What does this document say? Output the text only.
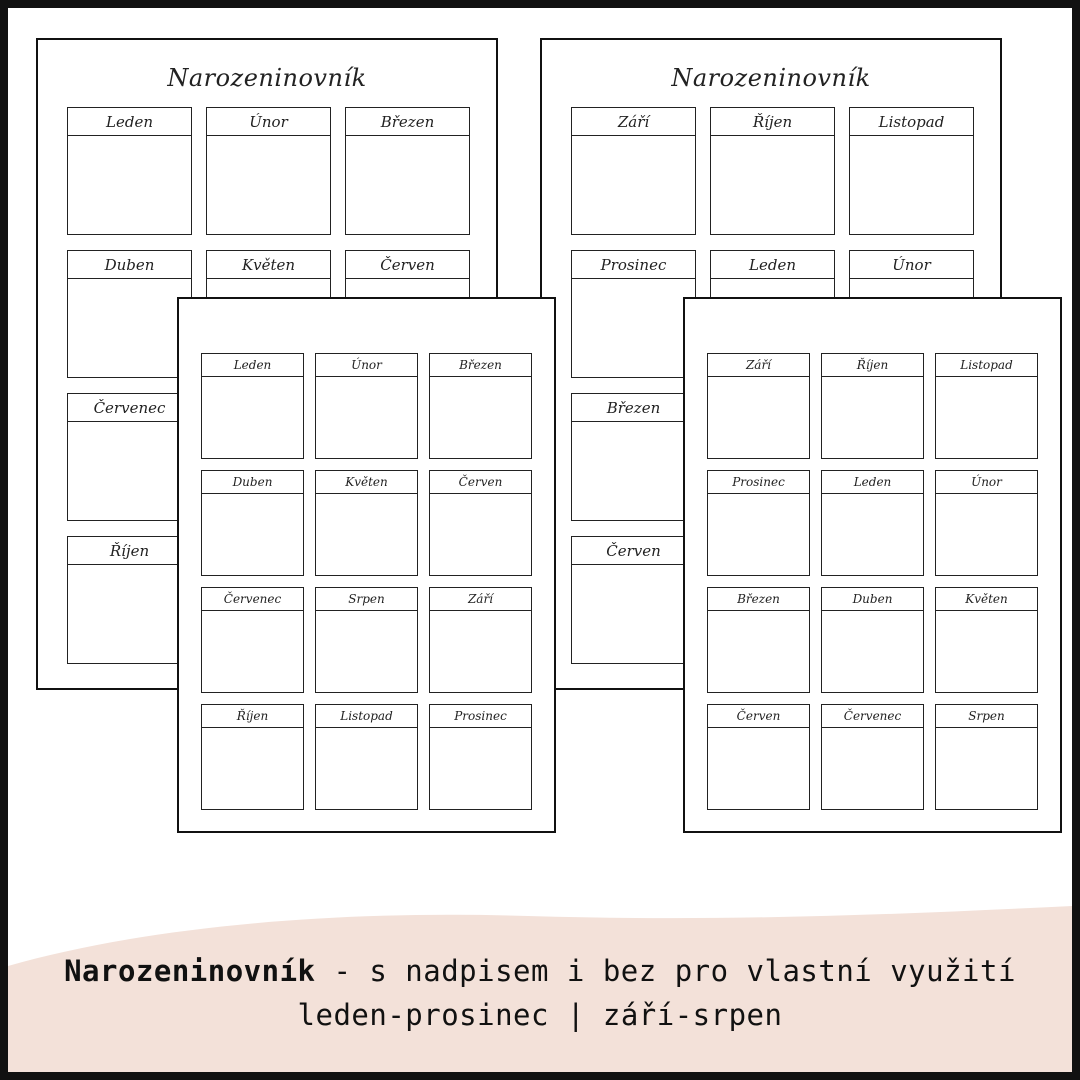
Narozeninovník
Leden	Únor	Březen
Duben	Květen	Červen
Červenec
Říjen
Narozeninovník
Září	Říjen	Listopad
Prosinec	Leden	Únor
Březen
Červen
Leden	Únor	Březen
Duben	Květen	Červen
Červenec	Srpen	Září
Říjen	Listopad	Prosinec
Září	Říjen	Listopad
Prosinec	Leden	Únor
Březen	Duben	Květen
Červen	Červenec	Srpen
Narozeninovník - s nadpisem i bez pro vlastní využití
leden-prosinec | září-srpen
